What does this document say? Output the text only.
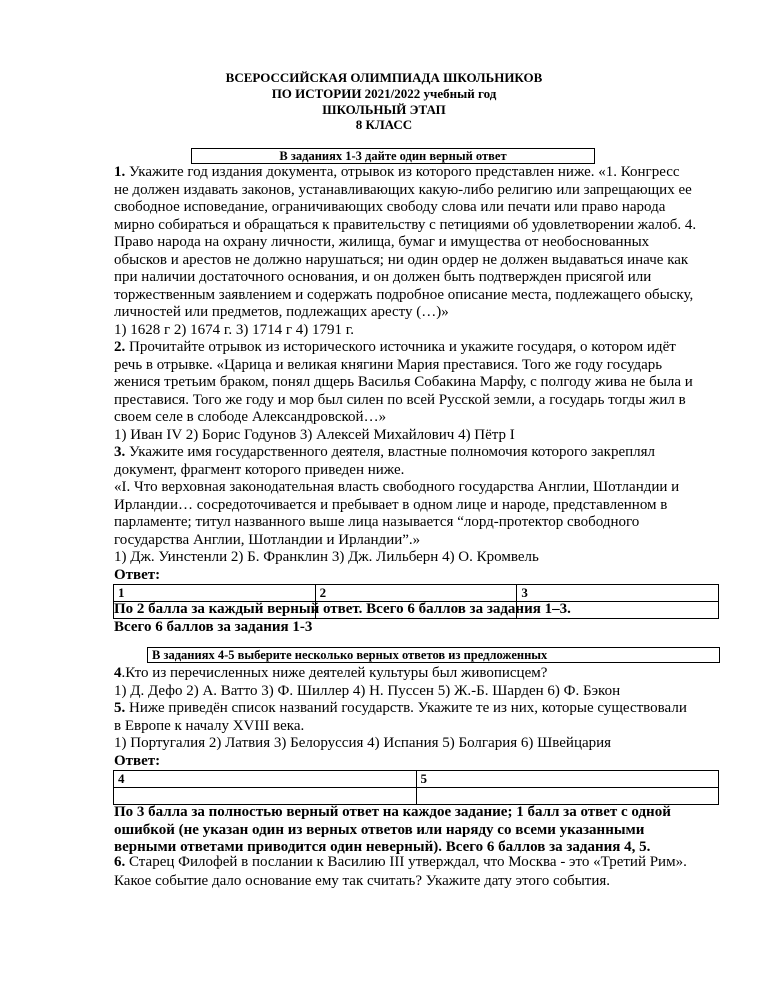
ВСЕРОССИЙСКАЯ ОЛИМПИАДА ШКОЛЬНИКОВ
ПО ИСТОРИИ 2021/2022 учебный год
ШКОЛЬНЫЙ ЭТАП
8 КЛАСС
В заданиях 1-3 дайте один верный ответ
1. Укажите год издания документа, отрывок из которого представлен ниже. «1. Конгресс
не должен издавать законов, устанавливающих какую-либо религию или запрещающих ее
свободное исповедание, ограничивающих свободу слова или печати или право народа
мирно собираться и обращаться к правительству с петициями об удовлетворении жалоб. 4.
Право народа на охрану личности, жилища, бумаг и имущества от необоснованных
обысков и арестов не должно нарушаться; ни один ордер не должен выдаваться иначе как
при наличии достаточного основания, и он должен быть подтвержден присягой или
торжественным заявлением и содержать подробное описание места, подлежащего обыску,
личностей или предметов, подлежащих аресту (…)»
1) 1628 г 2) 1674 г. 3) 1714 г 4) 1791 г.
2. Прочитайте отрывок из исторического источника и укажите государя, о котором идёт
речь в отрывке. «Царица и великая княгини Мария преставися. Того же году государь
женися третьим браком, понял дщерь Василья Собакина Марфу, с полгоду жива не была и
преставися. Того же году и мор был силен по всей Русской земли, а государь тогды жил в
своем селе в слободе Александровской…»
1) Иван IV 2) Борис Годунов 3) Алексей Михайлович 4) Пётр I
3. Укажите имя государственного деятеля, властные полномочия которого закреплял
документ, фрагмент которого приведен ниже.
«I. Что верховная законодательная власть свободного государства Англии, Шотландии и
Ирландии… сосредоточивается и пребывает в одном лице и народе, представленном в
парламенте; титул названного выше лица называется “лорд-протектор свободного
государства Англии, Шотландии и Ирландии”.»
1) Дж. Уинстенли 2) Б. Франклин 3) Дж. Лильберн 4) О. Кромвель
Ответ:
1	2	3

По 2 балла за каждый верный ответ. Всего 6 баллов за задания 1–3.
Всего 6 баллов за задания 1-3
В заданиях 4-5 выберите несколько верных ответов из предложенных
4.Кто из перечисленных ниже деятелей культуры был живописцем?
1) Д. Дефо 2) А. Ватто 3) Ф. Шиллер 4) Н. Пуссен 5) Ж.-Б. Шарден 6) Ф. Бэкон
5. Ниже приведён список названий государств. Укажите те из них, которые существовали
в Европе к началу XVIII века.
1) Португалия 2) Латвия 3) Белоруссия 4) Испания 5) Болгария 6) Швейцария
Ответ:
4	5

По 3 балла за полностью верный ответ на каждое задание; 1 балл за ответ с одной
ошибкой (не указан один из верных ответов или наряду со всеми указанными
верными ответами приводится один неверный). Всего 6 баллов за задания 4, 5.
6. Старец Филофей в послании к Василию III утверждал, что Москва - это «Третий Рим».
Какое событие дало основание ему так считать? Укажите дату этого события.
